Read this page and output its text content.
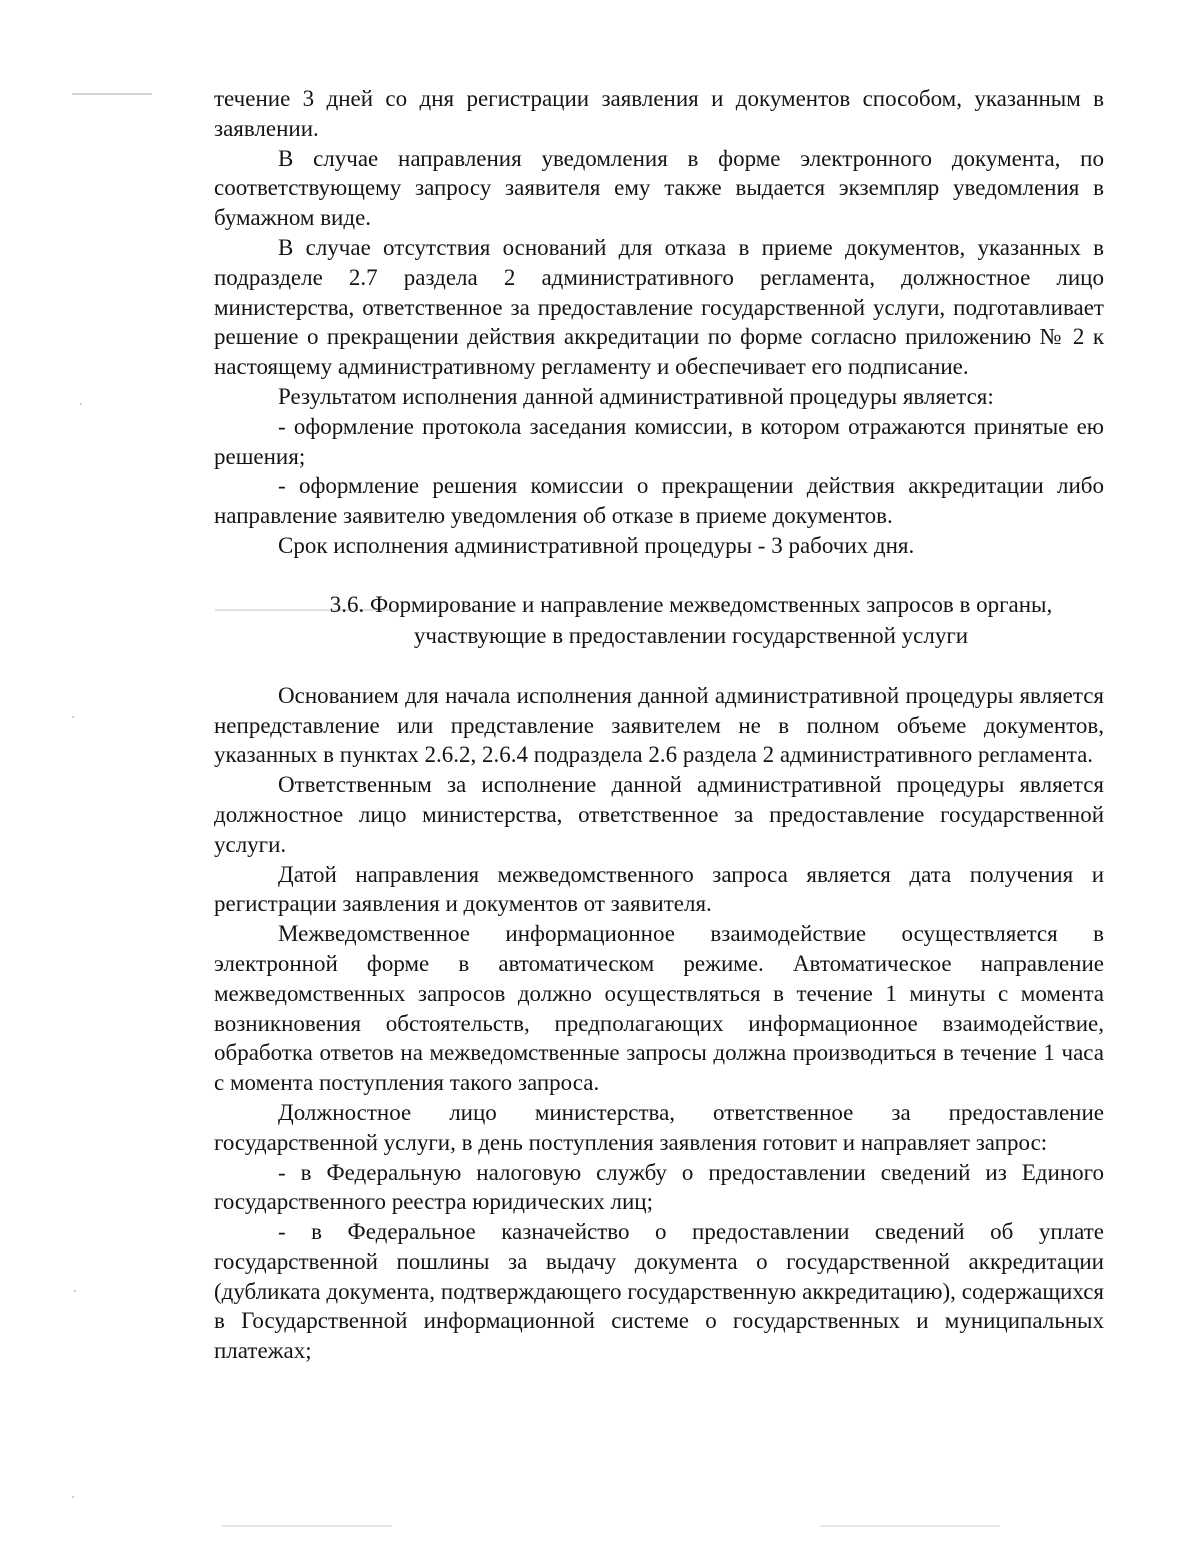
течение 3 дней со дня регистрации заявления и документов способом, указанным в заявлении.

В случае направления уведомления в форме электронного документа, по соответствующему запросу заявителя ему также выдается экземпляр уведомления в бумажном виде.

В случае отсутствия оснований для отказа в приеме документов, указанных в подразделе 2.7 раздела 2 административного регламента, должностное лицо министерства, ответственное за предоставление государственной услуги, подготавливает решение о прекращении действия аккредитации по форме согласно приложению № 2 к настоящему административному регламенту и обеспечивает его подписание.

Результатом исполнения данной административной процедуры является:

- оформление протокола заседания комиссии, в котором отражаются принятые ею решения;

- оформление решения комиссии о прекращении действия аккредитации либо направление заявителю уведомления об отказе в приеме документов.

Срок исполнения административной процедуры - 3 рабочих дня.

3.6. Формирование и направление межведомственных запросов в органы,
участвующие в предоставлении государственной услуги

Основанием для начала исполнения данной административной процедуры является непредставление или представление заявителем не в полном объеме документов, указанных в пунктах 2.6.2, 2.6.4 подраздела 2.6 раздела 2 административного регламента.

Ответственным за исполнение данной административной процедуры является должностное лицо министерства, ответственное за предоставление государственной услуги.

Датой направления межведомственного запроса является дата получения и регистрации заявления и документов от заявителя.

Межведомственное информационное взаимодействие осуществляется в электронной форме в автоматическом режиме. Автоматическое направление межведомственных запросов должно осуществляться в течение 1 минуты с момента возникновения обстоятельств, предполагающих информационное взаимодействие, обработка ответов на межведомственные запросы должна производиться в течение 1 часа с момента поступления такого запроса.

Должностное лицо министерства, ответственное за предоставление государственной услуги, в день поступления заявления готовит и направляет запрос:

- в Федеральную налоговую службу о предоставлении сведений из Единого государственного реестра юридических лиц;

- в Федеральное казначейство о предоставлении сведений об уплате государственной пошлины за выдачу документа о государственной аккредитации (дубликата документа, подтверждающего государственную аккредитацию), содержащихся в Государственной информационной системе о государственных и муниципальных платежах;
